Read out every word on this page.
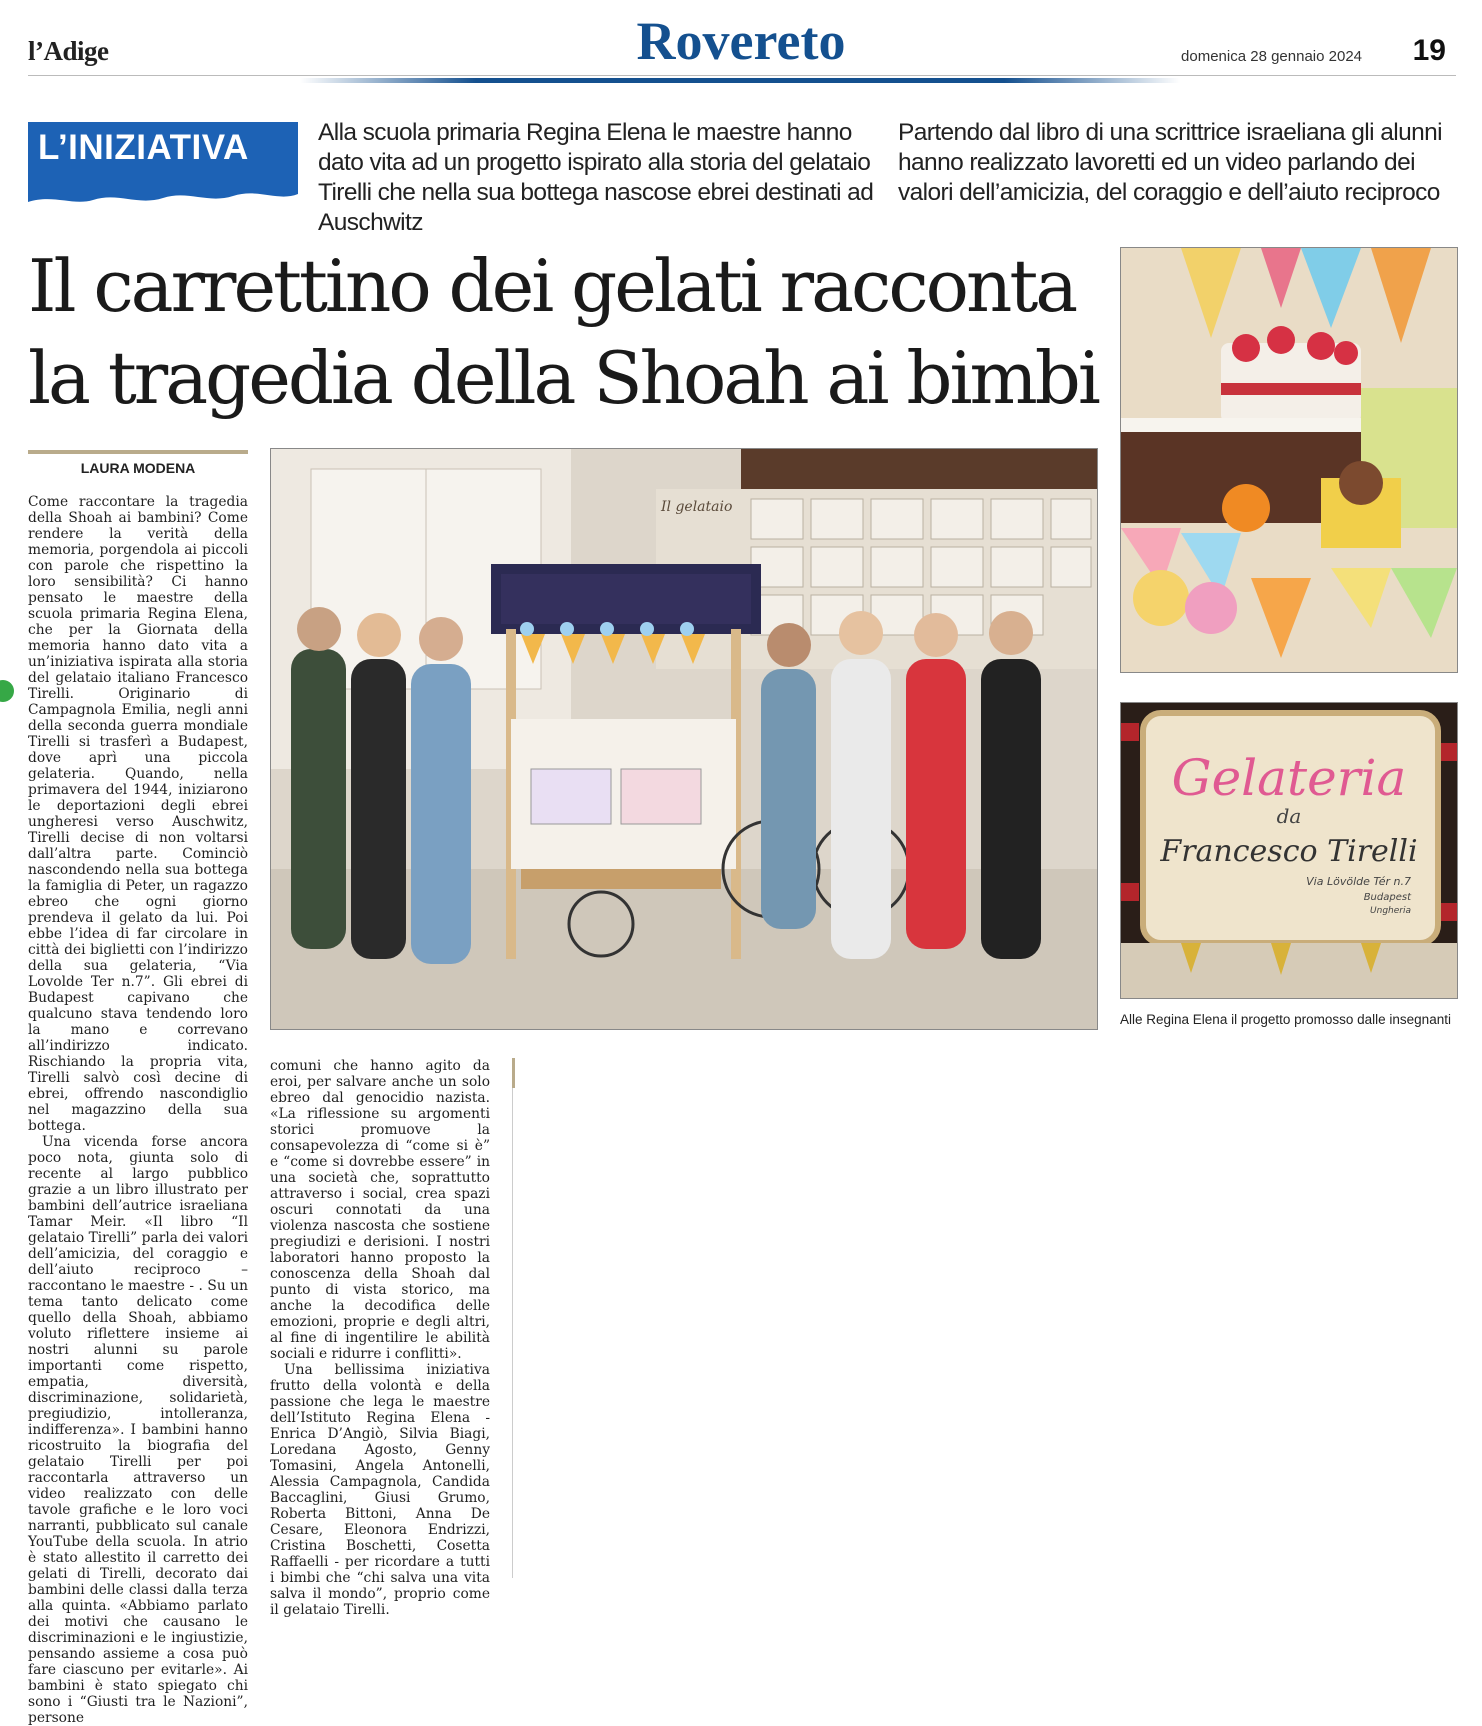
l’Adige	Rovereto	domenica 28 gennaio 2024 19
L’INIZIATIVA	Alla scuola primaria Regina Elena le maestre hanno dato vita ad un progetto ispirato alla storia del gelataio Tirelli che nella sua bottega nascose ebrei destinati ad Auschwitz
Partendo dal libro di una scrittrice israeliana gli alunni hanno realizzato lavoretti ed un video parlando dei valori dell’amicizia, del coraggio e dell’aiuto reciproco
Il carrettino dei gelati racconta
la tragedia della Shoah ai bimbi
LAURA MODENA

Come raccontare la tragedia della Shoah ai bambini? Come rendere la verità della memoria, porgendola ai piccoli con parole che rispettino la loro sensibilità? Ci hanno pensato le maestre della scuola primaria Regina Elena, che per la Giornata della memoria hanno dato vita a un’iniziativa ispirata alla storia del gelataio italiano Francesco Tirelli. Originario di Campagnola Emilia, negli anni della seconda guerra mondiale Tirelli si trasferì a Budapest, dove aprì una piccola gelateria. Quando, nella primavera del 1944, iniziarono le deportazioni degli ebrei ungheresi verso Auschwitz, Tirelli decise di non voltarsi dall’altra parte. Cominciò nascondendo nella sua bottega la famiglia di Peter, un ragazzo ebreo che ogni giorno prendeva il gelato da lui. Poi ebbe l’idea di far circolare in città dei biglietti con l’indirizzo della sua gelateria, “Via Lovolde Ter n.7”. Gli ebrei di Budapest capivano che qualcuno stava tendendo loro la mano e correvano all’indirizzo indicato. Rischiando la propria vita, Tirelli salvò così decine di ebrei, offrendo nascondiglio nel magazzino della sua bottega.

Una vicenda forse ancora poco nota, giunta solo di recente al largo pubblico grazie a un libro illustrato per bambini dell’autrice israeliana Tamar Meir. «Il libro “Il gelataio Tirelli” parla dei valori dell’amicizia, del coraggio e dell’aiuto reciproco – raccontano le maestre - . Su un tema tanto delicato come quello della Shoah, abbiamo voluto riflettere insieme ai nostri alunni su parole importanti come rispetto, empatia, diversità, discriminazione, solidarietà, pregiudizio, intolleranza, indifferenza». I bambini hanno ricostruito la biografia del gelataio Tirelli per poi raccontarla attraverso un video realizzato con delle tavole grafiche e le loro voci narranti, pubblicato sul canale YouTube della scuola. In atrio è stato allestito il carretto dei gelati di Tirelli, decorato dai bambini delle classi dalla terza alla quinta. «Abbiamo parlato dei motivi che causano le discriminazioni e le ingiustizie, pensando assieme a cosa può fare ciascuno per evitarle». Ai bambini è stato spiegato chi sono i “Giusti tra le Nazioni”, persone

comuni che hanno agito da eroi, per salvare anche un solo ebreo dal genocidio nazista. «La riflessione su argomenti storici promuove la consapevolezza di “come si è” e “come si dovrebbe essere” in una società che, soprattutto attraverso i social, crea spazi oscuri connotati da una violenza nascosta che sostiene pregiudizi e derisioni. I nostri laboratori hanno proposto la conoscenza della Shoah dal punto di vista storico, ma anche la decodifica delle emozioni, proprie e degli altri, al fine di ingentilire le abilità sociali e ridurre i conflitti».

Una bellissima iniziativa frutto della volontà e della passione che lega le maestre dell’Istituto Regina Elena - Enrica D’Angiò, Silvia Biagi, Loredana Agosto, Genny Tomasini, Angela Antonelli, Alessia Campagnola, Candida Baccaglini, Giusi Grumo, Roberta Bittoni, Anna De Cesare, Eleonora Endrizzi, Cristina Boschetti, Cosetta Raffaelli - per ricordare a tutti i bimbi che “chi salva una vita salva il mondo”, proprio come il gelataio Tirelli.

Il gelataio
Gelateria
da
Francesco Tirelli
Via Lövölde Tér n.7
Budapest
Ungheria
Alle Regina Elena il progetto promosso dalle insegnanti
